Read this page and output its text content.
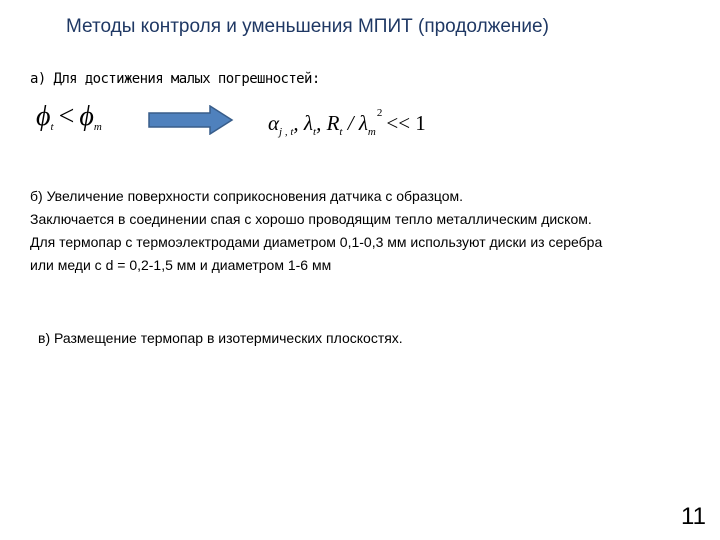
Методы контроля и уменьшения МПИТ (продолжение)
а) Для достижения малых погрешностей:
$\phi_t < \phi_m$	$\alpha_{j , t}$, $\lambda_t$, $R_t / \lambda_m^2 << 1$
б) Увеличение поверхности соприкосновения датчика с образцом.
Заключается в соединении спая с хорошо проводящим тепло металлическим диском.
Для термопар с термоэлектродами диаметром 0,1-0,3 мм используют диски из серебра
или меди с d = 0,2-1,5 мм и диаметром 1-6 мм
в) Размещение термопар в изотермических плоскостях.
11
